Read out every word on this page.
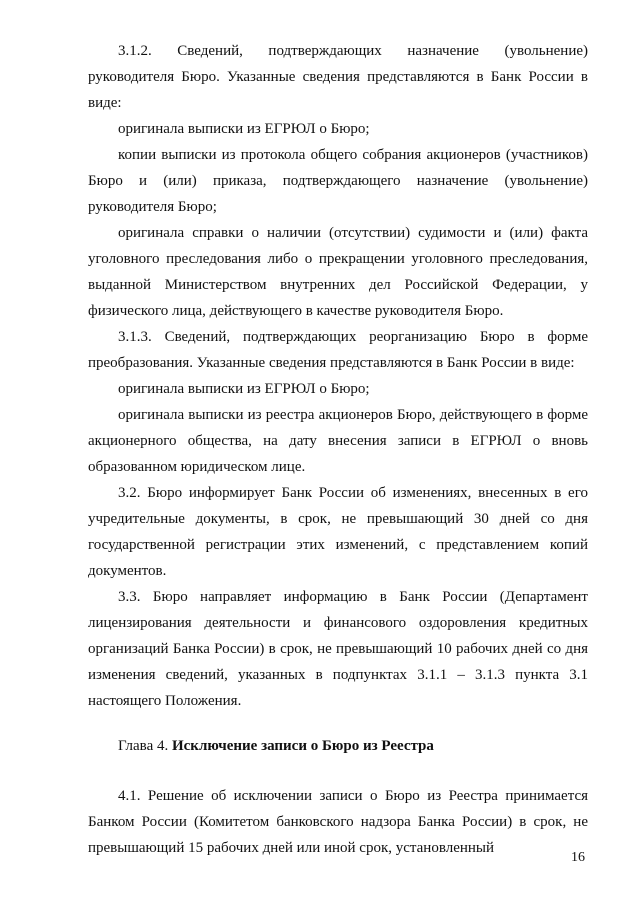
3.1.2. Сведений, подтверждающих назначение (увольнение) руководителя Бюро. Указанные сведения представляются в Банк России в виде:
оригинала выписки из ЕГРЮЛ о Бюро;
копии выписки из протокола общего собрания акционеров (участников) Бюро и (или) приказа, подтверждающего назначение (увольнение) руководителя Бюро;
оригинала справки о наличии (отсутствии) судимости и (или) факта уголовного преследования либо о прекращении уголовного преследования, выданной Министерством внутренних дел Российской Федерации, у физического лица, действующего в качестве руководителя Бюро.
3.1.3. Сведений, подтверждающих реорганизацию Бюро в форме преобразования. Указанные сведения представляются в Банк России в виде:
оригинала выписки из ЕГРЮЛ о Бюро;
оригинала выписки из реестра акционеров Бюро, действующего в форме акционерного общества, на дату внесения записи в ЕГРЮЛ о вновь образованном юридическом лице.
3.2. Бюро информирует Банк России об изменениях, внесенных в его учредительные документы, в срок, не превышающий 30 дней со дня государственной регистрации этих изменений, с представлением копий документов.
3.3. Бюро направляет информацию в Банк России (Департамент лицензирования деятельности и финансового оздоровления кредитных организаций Банка России) в срок, не превышающий 10 рабочих дней со дня изменения сведений, указанных в подпунктах 3.1.1 – 3.1.3 пункта 3.1 настоящего Положения.
Глава 4. Исключение записи о Бюро из Реестра
4.1. Решение об исключении записи о Бюро из Реестра принимается Банком России (Комитетом банковского надзора Банка России) в срок, не превышающий 15 рабочих дней или иной срок, установленный
16
